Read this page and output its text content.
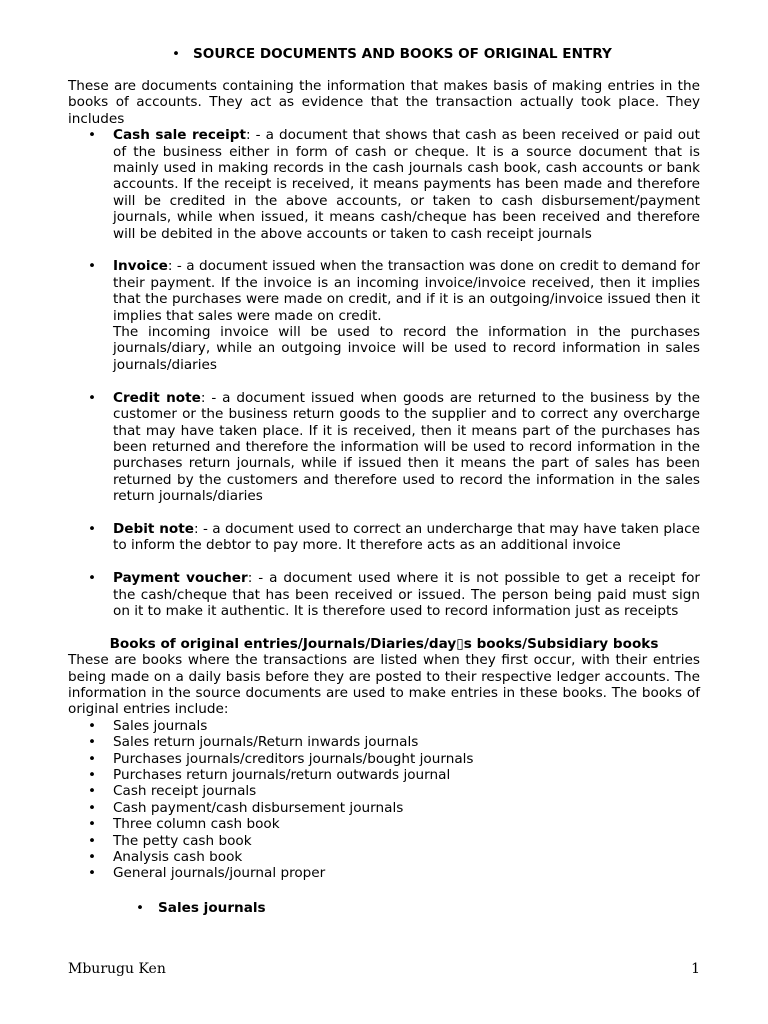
• SOURCE DOCUMENTS AND BOOKS OF ORIGINAL ENTRY

These are documents containing the information that makes basis of making entries in the books of accounts. They act as evidence that the transaction actually took place. They includes

• Cash sale receipt: - a document that shows that cash as been received or paid out of the business either in form of cash or cheque. It is a source document that is mainly used in making records in the cash journals cash book, cash accounts or bank accounts. If the receipt is received, it means payments has been made and therefore will be credited in the above accounts, or taken to cash disbursement/payment journals, while when issued, it means cash/cheque has been received and therefore will be debited in the above accounts or taken to cash receipt journals
• Invoice: - a document issued when the transaction was done on credit to demand for their payment. If the invoice is an incoming invoice/invoice received, then it implies that the purchases were made on credit, and if it is an outgoing/invoice issued then it implies that sales were made on credit.
The incoming invoice will be used to record the information in the purchases journals/diary, while an outgoing invoice will be used to record information in sales journals/diaries
• Credit note: - a document issued when goods are returned to the business by the customer or the business return goods to the supplier and to correct any overcharge that may have taken place. If it is received, then it means part of the purchases has been returned and therefore the information will be used to record information in the purchases return journals, while if issued then it means the part of sales has been returned by the customers and therefore used to record the information in the sales return journals/diaries
• Debit note: - a document used to correct an undercharge that may have taken place to inform the debtor to pay more. It therefore acts as an additional invoice
• Payment voucher: - a document used where it is not possible to get a receipt for the cash/cheque that has been received or issued. The person being paid must sign on it to make it authentic. It is therefore used to record information just as receipts

Books of original entries/Journals/Diaries/day▯s books/Subsidiary books

These are books where the transactions are listed when they first occur, with their entries being made on a daily basis before they are posted to their respective ledger accounts. The information in the source documents are used to make entries in these books. The books of original entries include:

• Sales journals
• Sales return journals/Return inwards journals
• Purchases journals/creditors journals/bought journals
• Purchases return journals/return outwards journal
• Cash receipt journals
• Cash payment/cash disbursement journals
• Three column cash book
• The petty cash book
• Analysis cash book
• General journals/journal proper
• Sales journals
Mburugu Ken	1
